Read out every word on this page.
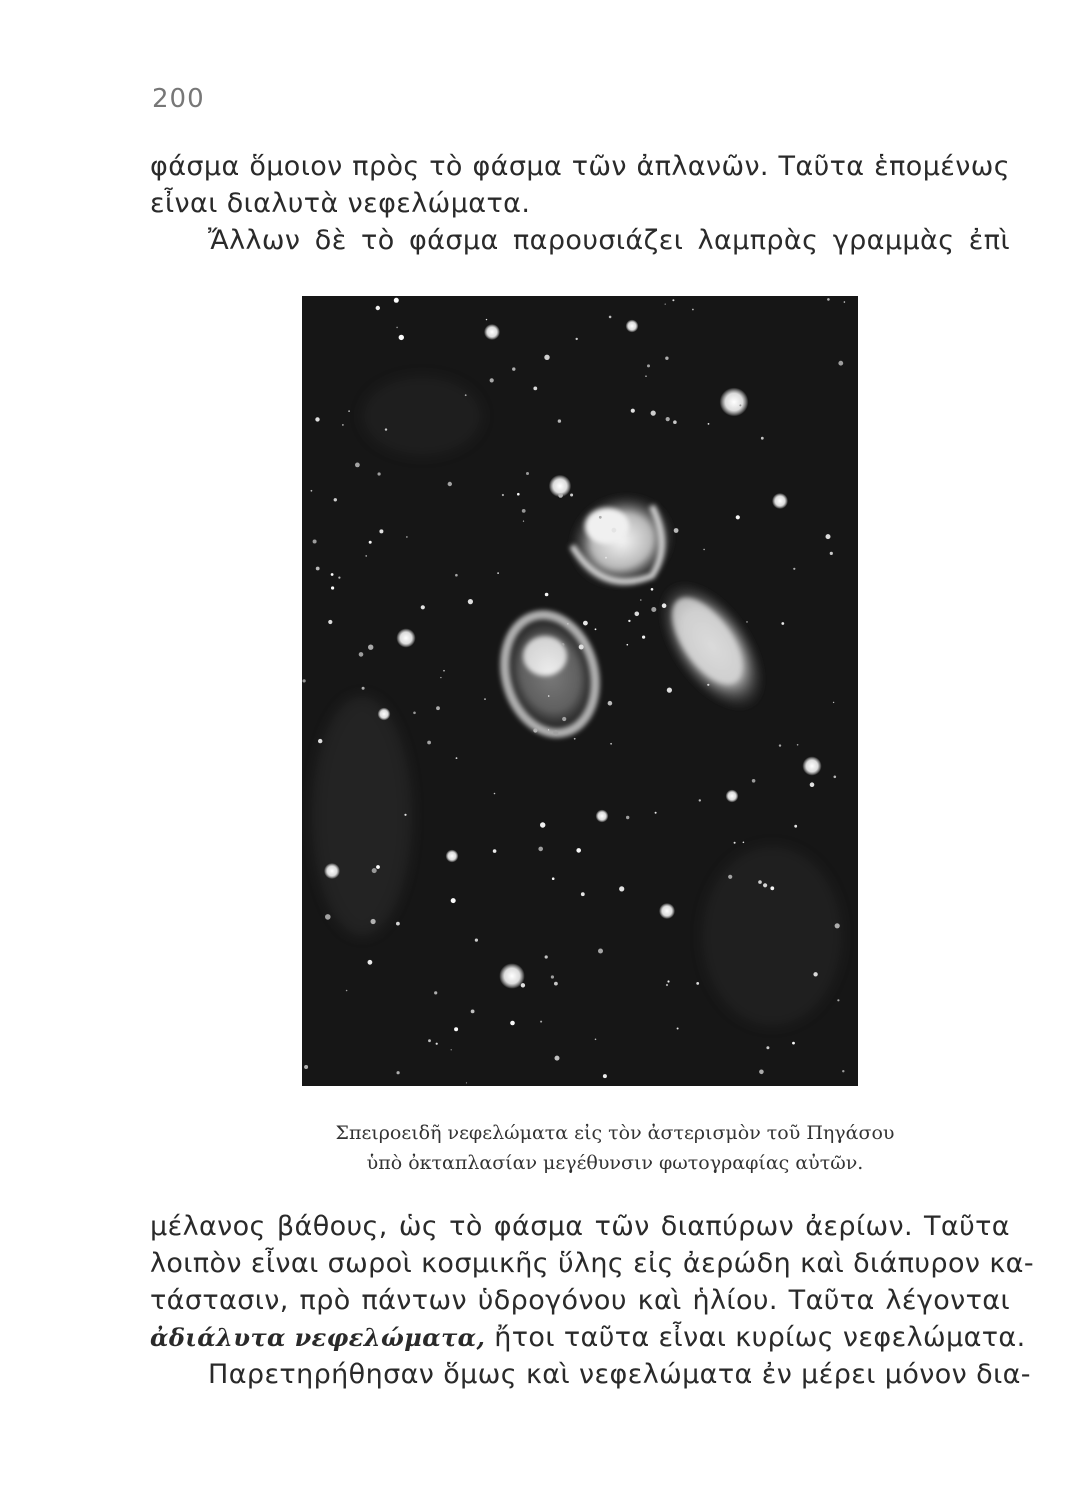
200
φάσμα ὅμοιον πρὸς τὸ φάσμα τῶν ἀπλανῶν. Ταῦτα ἑπομένως
εἶναι διαλυτὰ νεφελώματα.
Ἄλλων δὲ τὸ φάσμα παρουσιάζει λαμπρὰς γραμμὰς ἐπὶ
Σπειροειδῆ νεφελώματα εἰς τὸν ἀστερισμὸν τοῦ Πηγάσου
ὑπὸ ὀκταπλασίαν μεγέθυνσιν φωτογραφίας αὐτῶν.
μέλανος βάθους, ὡς τὸ φάσμα τῶν διαπύρων ἀερίων. Ταῦτα
λοιπὸν εἶναι σωροὶ κοσμικῆς ὕλης εἰς ἀερώδη καὶ διάπυρον κα-
τάστασιν, πρὸ πάντων ὑδρογόνου καὶ ἡλίου. Ταῦτα λέγονται
ἀδιάλυτα νεφελώματα, ἤτοι ταῦτα εἶναι κυρίως νεφελώματα.
Παρετηρήθησαν ὅμως καὶ νεφελώματα ἐν μέρει μόνον δια-
